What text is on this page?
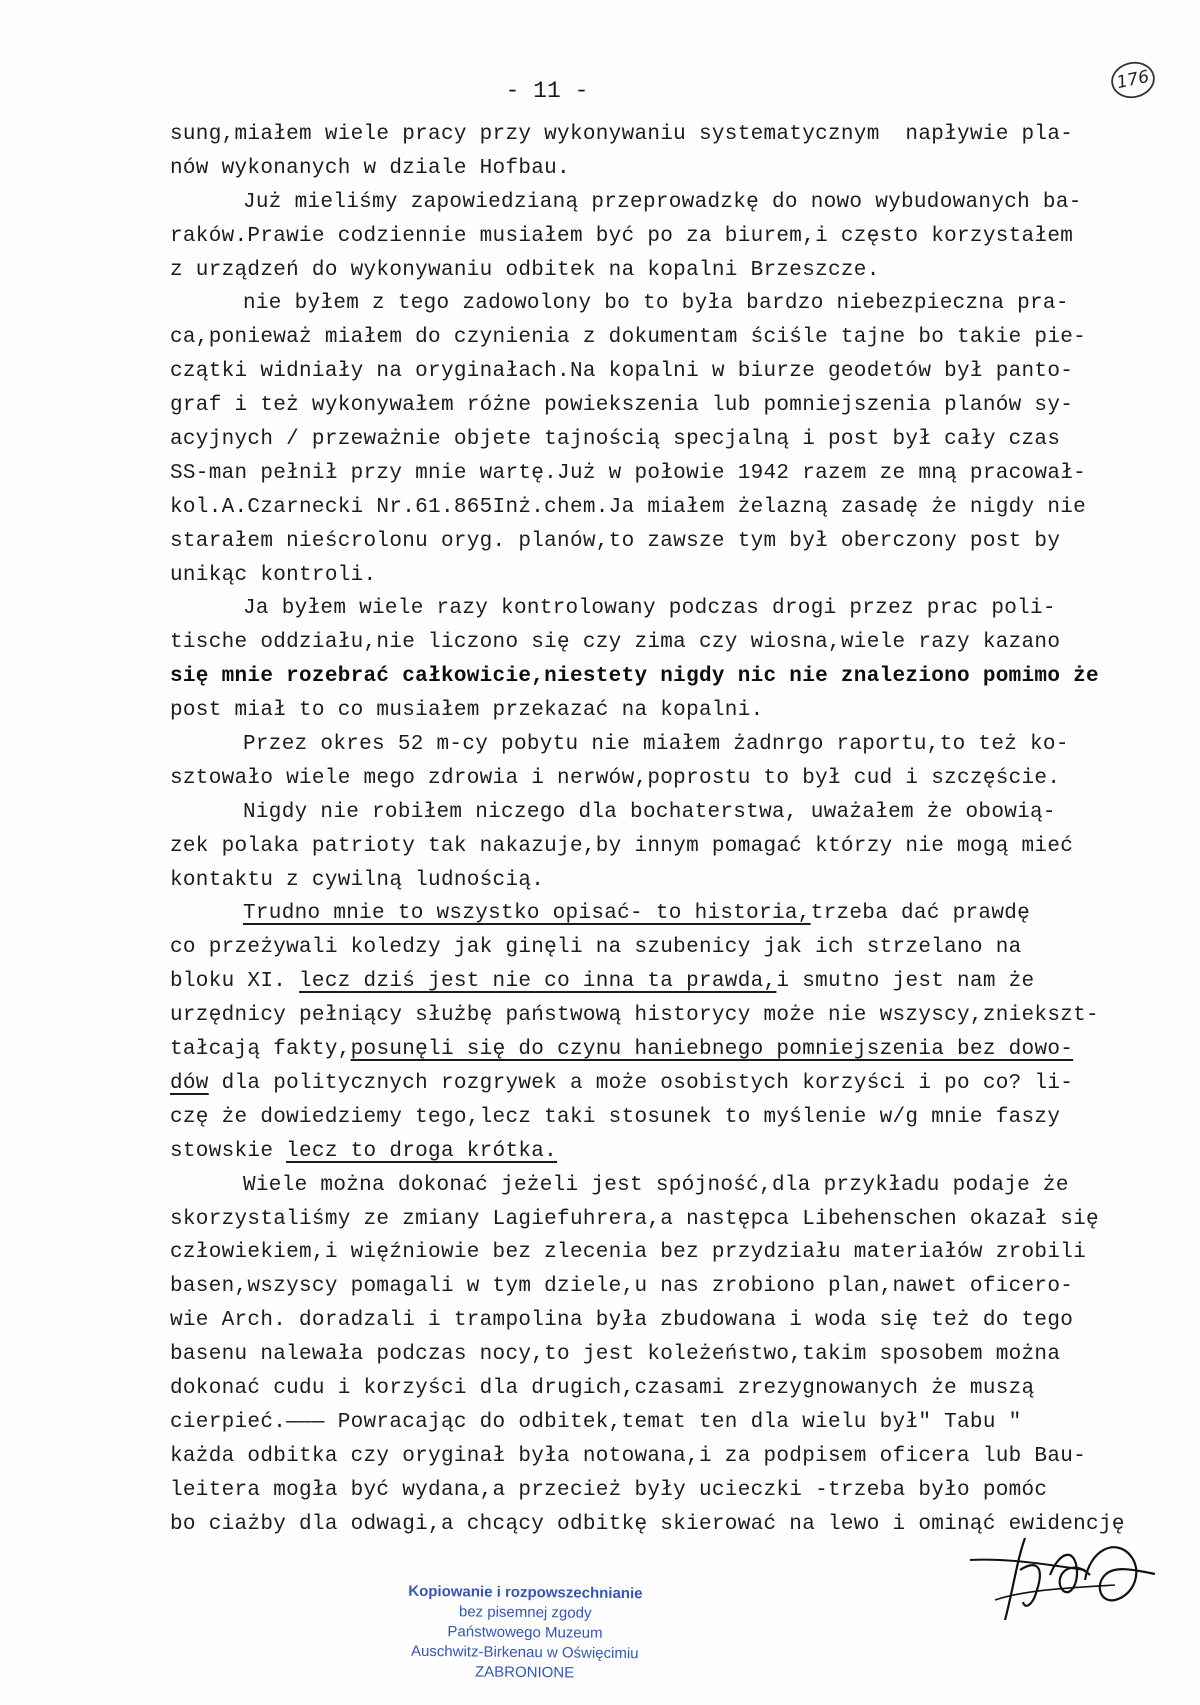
- 11 -	176
sung,miałem wiele pracy przy wykonywaniu systematycznym  napływie pla-
nów wykonanych w dziale Hofbau.
Już mieliśmy zapowiedzianą przeprowadzkę do nowo wybudowanych ba-
raków.Prawie codziennie musiałem być po za biurem,i często korzystałem
z urządzeń do wykonywaniu odbitek na kopalni Brzeszcze.
nie byłem z tego zadowolony bo to była bardzo niebezpieczna pra-
ca,ponieważ miałem do czynienia z dokumentam ściśle tajne bo takie pie-
czątki widniały na oryginałach.Na kopalni w biurze geodetów był panto-
graf i też wykonywałem różne powiekszenia lub pomniejszenia planów sy-
acyjnych / przeważnie objete tajnością specjalną i post był cały czas
SS-man pełnił przy mnie wartę.Już w połowie 1942 razem ze mną pracował-
kol.A.Czarnecki Nr.61.865Inż.chem.Ja miałem żelazną zasadę że nigdy nie
starałem nieścrolonu oryg. planów,to zawsze tym był oberczony post by
unikąc kontroli.
Ja byłem wiele razy kontrolowany podczas drogi przez prac poli-
tische oddziału,nie liczono się czy zima czy wiosna,wiele razy kazano
się mnie rozebrać całkowicie,niestety nigdy nic nie znaleziono pomimo że
post miał to co musiałem przekazać na kopalni.
Przez okres 52 m-cy pobytu nie miałem żadnrgo raportu,to też ko-
sztowało wiele mego zdrowia i nerwów,poprostu to był cud i szczęście.
Nigdy nie robiłem niczego dla bochaterstwa, uważałem że obowią-
zek polaka patrioty tak nakazuje,by innym pomagać którzy nie mogą mieć
kontaktu z cywilną ludnością.
Trudno mnie to wszystko opisać- to historia,trzeba dać prawdę
co przeżywali koledzy jak ginęli na szubenicy jak ich strzelano na
bloku XI. lecz dziś jest nie co inna ta prawda,i smutno jest nam że
urzędnicy pełniący służbę państwową historycy może nie wszyscy,zniekszt-
tałcają fakty,posunęli się do czynu haniebnego pomniejszenia bez dowo-
dów dla politycznych rozgrywek a może osobistych korzyści i po co? li-
czę że dowiedziemy tego,lecz taki stosunek to myślenie w/g mnie faszy
stowskie lecz to droga krótka.
Wiele można dokonać jeżeli jest spójność,dla przykładu podaje że
skorzystaliśmy ze zmiany Lagiefuhrera,a następca Libehenschen okazał się
człowiekiem,i więźniowie bez zlecenia bez przydziału materiałów zrobili
basen,wszyscy pomagali w tym dziele,u nas zrobiono plan,nawet oficero-
wie Arch. doradzali i trampolina była zbudowana i woda się też do tego
basenu nalewała podczas nocy,to jest koleżeństwo,takim sposobem można
dokonać cudu i korzyści dla drugich,czasami zrezygnowanych że muszą
cierpieć.——— Powracając do odbitek,temat ten dla wielu był" Tabu "
każda odbitka czy oryginał była notowana,i za podpisem oficera lub Bau-
leitera mogła być wydana,a przecież były ucieczki -trzeba było pomóc
bo ciażby dla odwagi,a chcący odbitkę skierować na lewo i ominąć ewidencję
Kopiowanie i rozpowszechnianie
bez pisemnej zgody
Państwowego Muzeum
Auschwitz-Birkenau w Oświęcimiu
ZABRONIONE
